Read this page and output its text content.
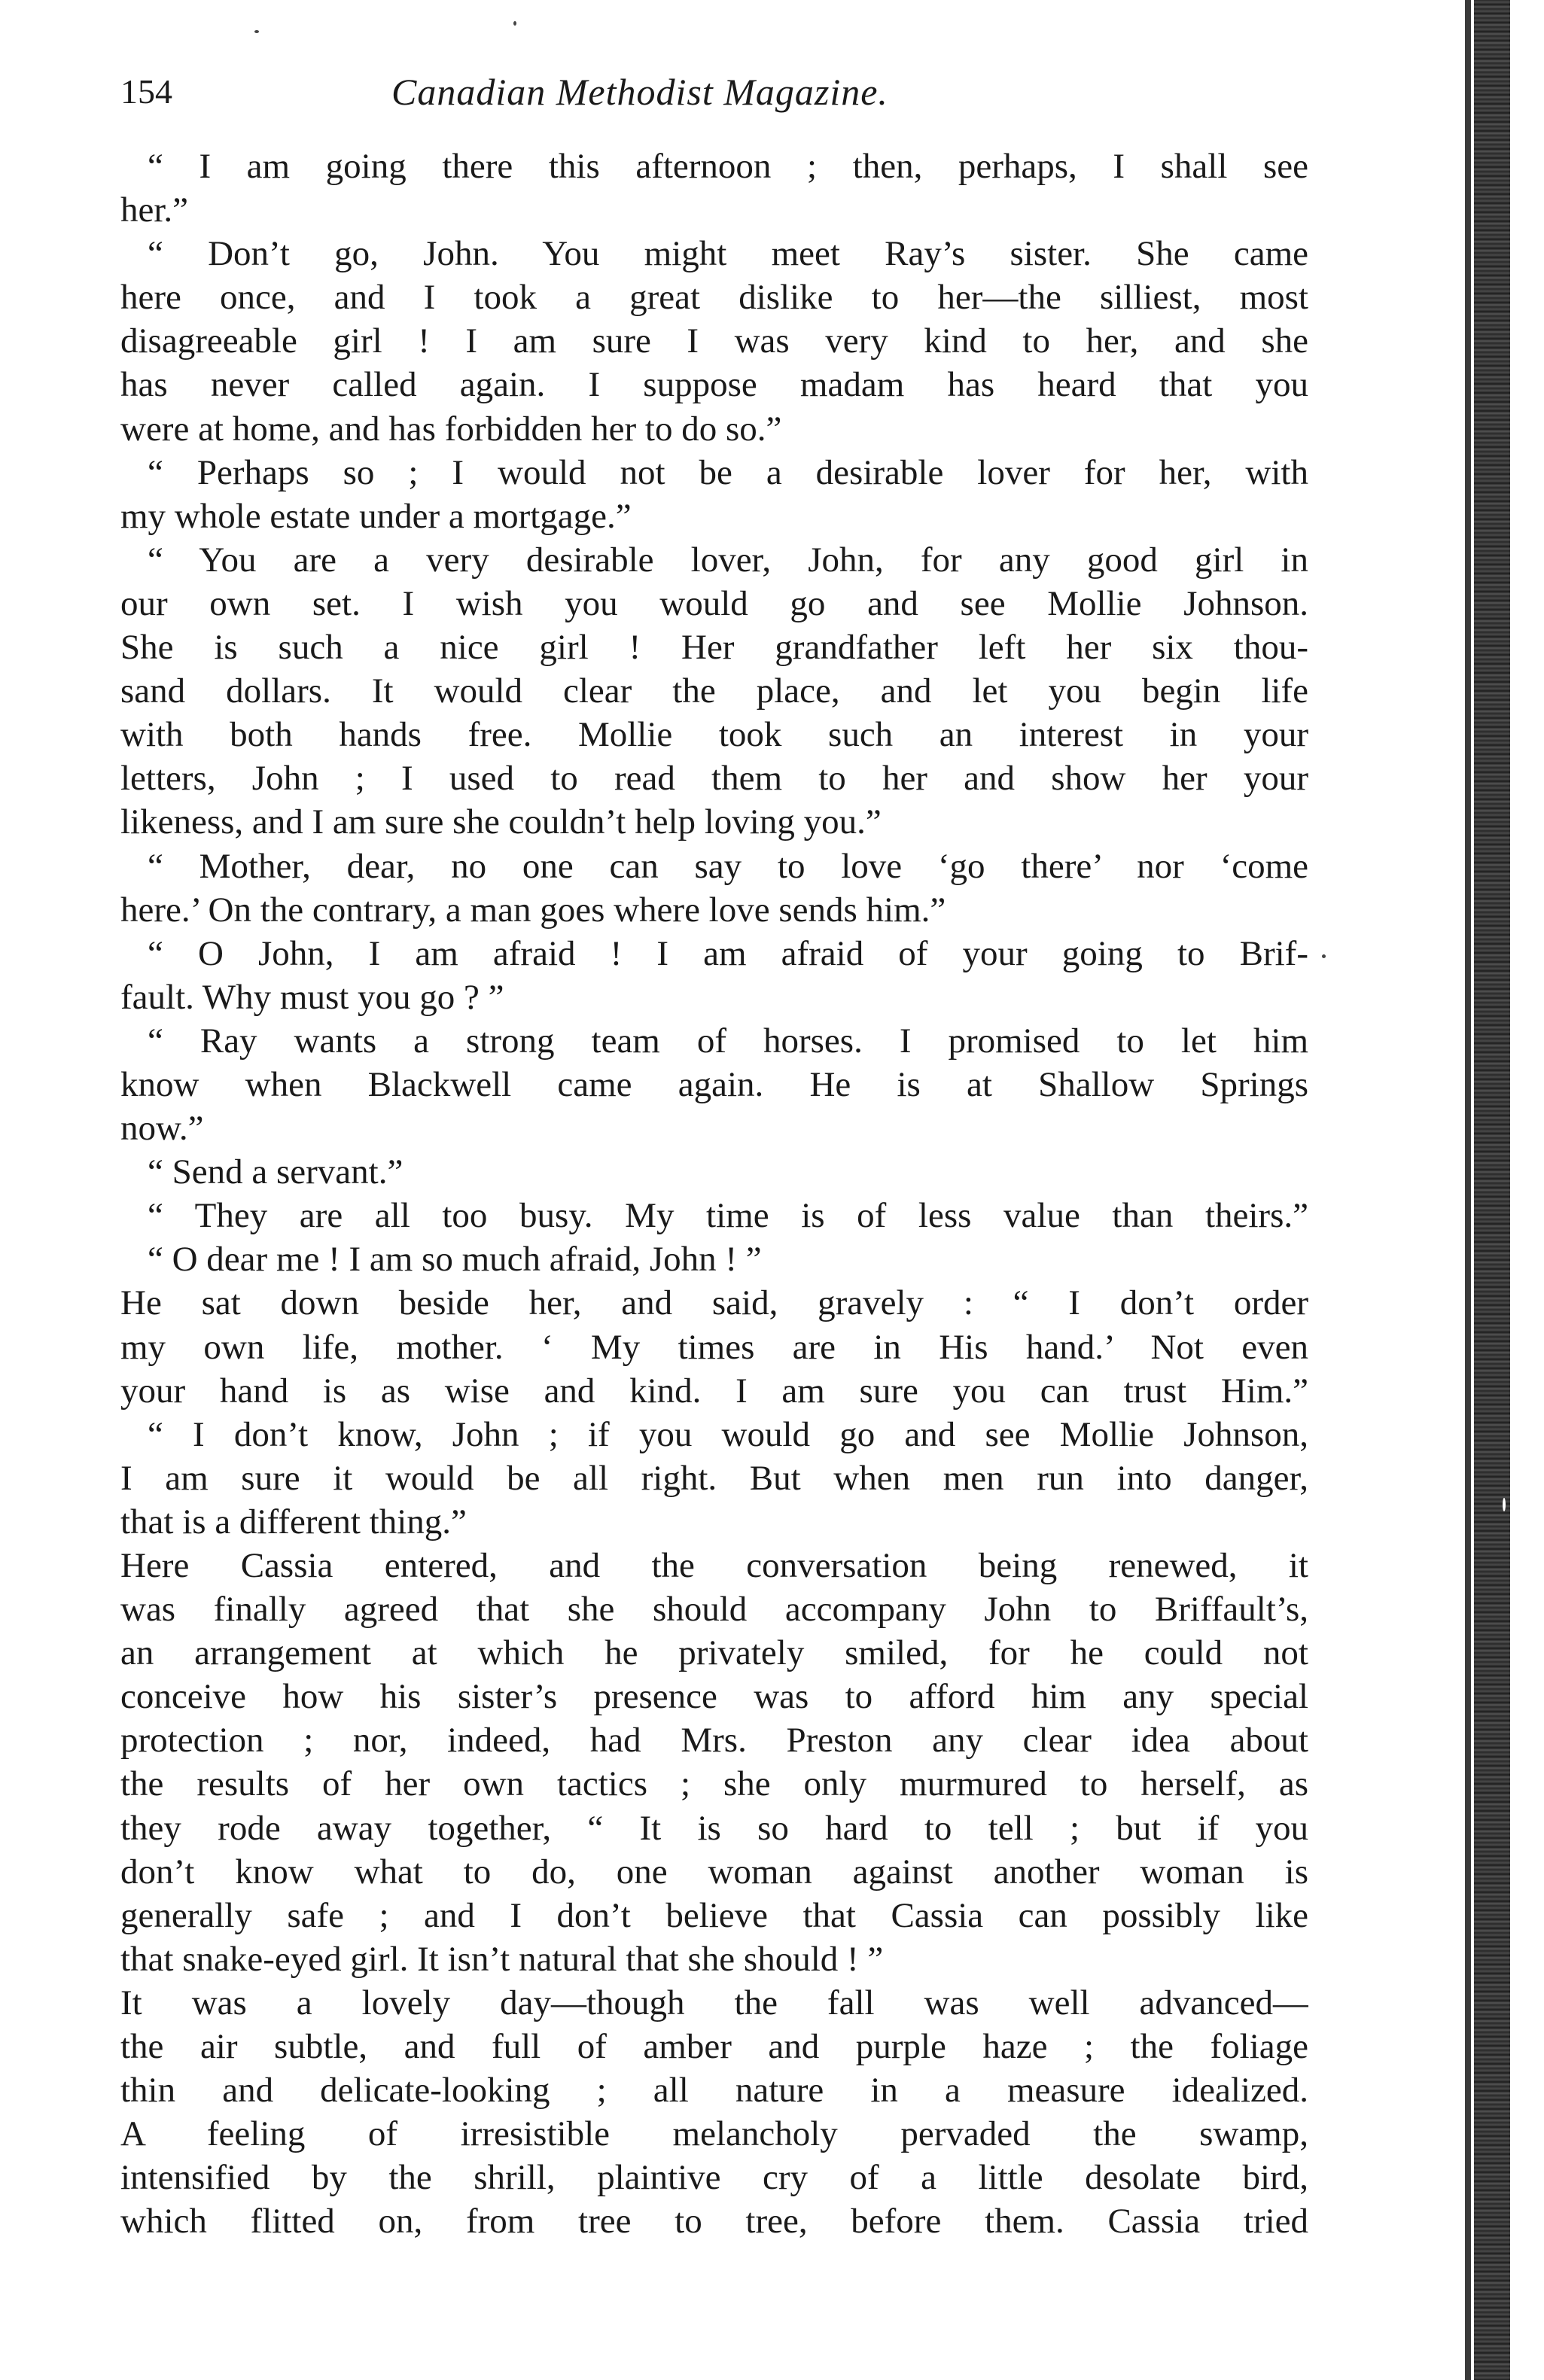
154	Canadian Methodist Magazine.
“ I am going there this afternoon ; then, perhaps, I shall see
her.”
“ Don’t go, John. You might meet Ray’s sister. She came
here once, and I took a great dislike to her—the silliest, most
disagreeable girl ! I am sure I was very kind to her, and she
has never called again. I suppose madam has heard that you
were at home, and has forbidden her to do so.”
“ Perhaps so ; I would not be a desirable lover for her, with
my whole estate under a mortgage.”
“ You are a very desirable lover, John, for any good girl in
our own set. I wish you would go and see Mollie Johnson.
She is such a nice girl ! Her grandfather left her six thou-
sand dollars. It would clear the place, and let you begin life
with both hands free. Mollie took such an interest in your
letters, John ; I used to read them to her and show her your
likeness, and I am sure she couldn’t help loving you.”
“ Mother, dear, no one can say to love ‘go there’ nor ‘come
here.’ On the contrary, a man goes where love sends him.”
“ O John, I am afraid ! I am afraid of your going to Brif-
fault. Why must you go ? ”
“ Ray wants a strong team of horses. I promised to let him
know when Blackwell came again. He is at Shallow Springs
now.”
“ Send a servant.”
“ They are all too busy. My time is of less value than theirs.”
“ O dear me ! I am so much afraid, John ! ”
He sat down beside her, and said, gravely : “ I don’t order
my own life, mother. ‘ My times are in His hand.’ Not even
your hand is as wise and kind. I am sure you can trust Him.”
“ I don’t know, John ; if you would go and see Mollie Johnson,
I am sure it would be all right. But when men run into danger,
that is a different thing.”
Here Cassia entered, and the conversation being renewed, it
was finally agreed that she should accompany John to Briffault’s,
an arrangement at which he privately smiled, for he could not
conceive how his sister’s presence was to afford him any special
protection ; nor, indeed, had Mrs. Preston any clear idea about
the results of her own tactics ; she only murmured to herself, as
they rode away together, “ It is so hard to tell ; but if you
don’t know what to do, one woman against another woman is
generally safe ; and I don’t believe that Cassia can possibly like
that snake-eyed girl. It isn’t natural that she should ! ”
It was a lovely day—though the fall was well advanced—
the air subtle, and full of amber and purple haze ; the foliage
thin and delicate-looking ; all nature in a measure idealized.
A feeling of irresistible melancholy pervaded the swamp,
intensified by the shrill, plaintive cry of a little desolate bird,
which flitted on, from tree to tree, before them. Cassia tried
